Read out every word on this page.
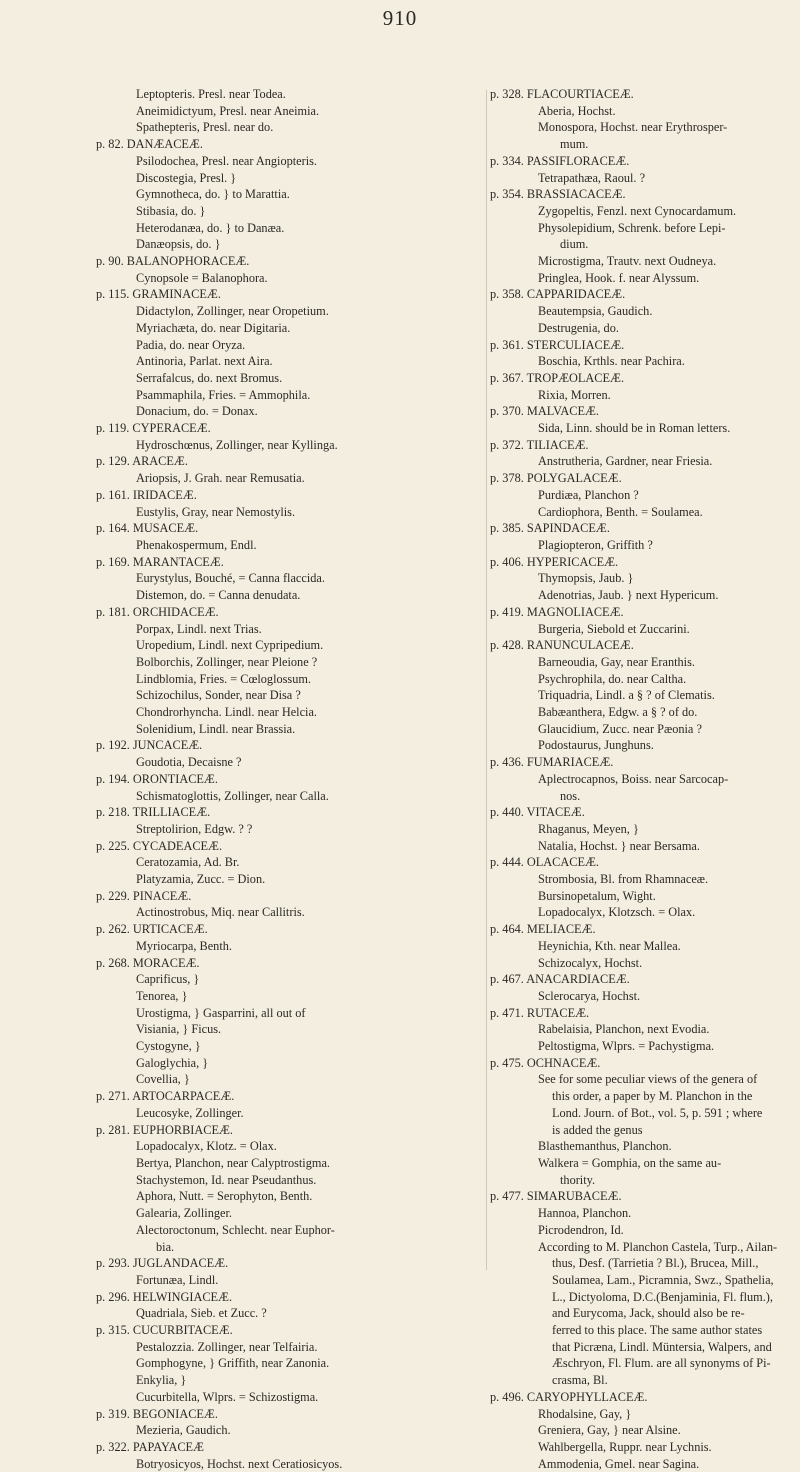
910
Leptopteris. Presl. near Todea.
Aneimidictyum, Presl. near Aneimia.
Spathepteris, Presl. near do.
p. 82. DANÆACEÆ.
Psilodochea, Presl. near Angiopteris.
Discostegia, Presl. }
Gymnotheca, do. } to Marattia.
Stibasia, do. }
Heterodanæa, do. } to Danæa.
Danæopsis, do. }
p. 90. BALANOPHORACEÆ.
Cynopsole = Balanophora.
p. 115. GRAMINACEÆ.
Didactylon, Zollinger, near Oropetium.
Myriachæta, do. near Digitaria.
Padia, do. near Oryza.
Antinoria, Parlat. next Aira.
Serrafalcus, do. next Bromus.
Psammaphila, Fries. = Ammophila.
Donacium, do. = Donax.
p. 119. CYPERACEÆ.
Hydroschœnus, Zollinger, near Kyllinga.
p. 129. ARACEÆ.
Ariopsis, J. Grah. near Remusatia.
p. 161. IRIDACEÆ.
Eustylis, Gray, near Nemostylis.
p. 164. MUSACEÆ.
Phenakospermum, Endl.
p. 169. MARANTACEÆ.
Eurystylus, Bouché, = Canna flaccida.
Distemon, do. = Canna denudata.
p. 181. ORCHIDACEÆ.
Porpax, Lindl. next Trias.
Uropedium, Lindl. next Cypripedium.
Bolborchis, Zollinger, near Pleione ?
Lindblomia, Fries. = Cœloglossum.
Schizochilus, Sonder, near Disa ?
Chondrorhyncha. Lindl. near Helcia.
Solenidium, Lindl. near Brassia.
p. 192. JUNCACEÆ.
Goudotia, Decaisne ?
p. 194. ORONTIACEÆ.
Schismatoglottis, Zollinger, near Calla.
p. 218. TRILLIACEÆ.
Streptolirion, Edgw. ? ?
p. 225. CYCADEACEÆ.
Ceratozamia, Ad. Br.
Platyzamia, Zucc. = Dion.
p. 229. PINACEÆ.
Actinostrobus, Miq. near Callitris.
p. 262. URTICACEÆ.
Myriocarpa, Benth.
p. 268. MORACEÆ.
Caprificus, }
Tenorea, }
Urostigma, } Gasparrini, all out of
Visiania, } Ficus.
Cystogyne, }
Galoglychia, }
Covellia, }
p. 271. ARTOCARPACEÆ.
Leucosyke, Zollinger.
p. 281. EUPHORBIACEÆ.
Lopadocalyx, Klotz. = Olax.
Bertya, Planchon, near Calyptrostigma.
Stachystemon, Id. near Pseudanthus.
Aphora, Nutt. = Serophyton, Benth.
Galearia, Zollinger.
Alectoroctonum, Schlecht. near Euphor-
bia.
p. 293. JUGLANDACEÆ.
Fortunæa, Lindl.
p. 296. HELWINGIACEÆ.
Quadriala, Sieb. et Zucc. ?
p. 315. CUCURBITACEÆ.
Pestalozzia. Zollinger, near Telfairia.
Gomphogyne, } Griffith, near Zanonia.
Enkylia, }
Cucurbitella, Wlprs. = Schizostigma.
p. 319. BEGONIACEÆ.
Mezieria, Gaudich.
p. 322. PAPAYACEÆ
Botryosicyos, Hochst. next Ceratiosicyos.
p. 328. FLACOURTIACEÆ.
Aberia, Hochst.
Monospora, Hochst. near Erythrosper-
mum.
p. 334. PASSIFLORACEÆ.
Tetrapathæa, Raoul. ?
p. 354. BRASSIACACEÆ.
Zygopeltis, Fenzl. next Cynocardamum.
Physolepidium, Schrenk. before Lepi-
dium.
Microstigma, Trautv. next Oudneya.
Pringlea, Hook. f. near Alyssum.
p. 358. CAPPARIDACEÆ.
Beautempsia, Gaudich.
Destrugenia, do.
p. 361. STERCULIACEÆ.
Boschia, Krthls. near Pachira.
p. 367. TROPÆOLACEÆ.
Rixia, Morren.
p. 370. MALVACEÆ.
Sida, Linn. should be in Roman letters.
p. 372. TILIACEÆ.
Anstrutheria, Gardner, near Friesia.
p. 378. POLYGALACEÆ.
Purdiæa, Planchon ?
Cardiophora, Benth. = Soulamea.
p. 385. SAPINDACEÆ.
Plagiopteron, Griffith ?
p. 406. HYPERICACEÆ.
Thymopsis, Jaub. }
Adenotrias, Jaub. } next Hypericum.
p. 419. MAGNOLIACEÆ.
Burgeria, Siebold et Zuccarini.
p. 428. RANUNCULACEÆ.
Barneoudia, Gay, near Eranthis.
Psychrophila, do. near Caltha.
Triquadria, Lindl. a § ? of Clematis.
Babæanthera, Edgw. a § ? of do.
Glaucidium, Zucc. near Pæonia ?
Podostaurus, Junghuns.
p. 436. FUMARIACEÆ.
Aplectrocapnos, Boiss. near Sarcocap-
nos.
p. 440. VITACEÆ.
Rhaganus, Meyen, }
Natalia, Hochst. } near Bersama.
p. 444. OLACACEÆ.
Strombosia, Bl. from Rhamnaceæ.
Bursinopetalum, Wight.
Lopadocalyx, Klotzsch. = Olax.
p. 464. MELIACEÆ.
Heynichia, Kth. near Mallea.
Schizocalyx, Hochst.
p. 467. ANACARDIACEÆ.
Sclerocarya, Hochst.
p. 471. RUTACEÆ.
Rabelaisia, Planchon, next Evodia.
Peltostigma, Wlprs. = Pachystigma.
p. 475. OCHNACEÆ.
See for some peculiar views of the genera of
this order, a paper by M. Planchon in the
Lond. Journ. of Bot., vol. 5, p. 591 ; where
is added the genus
Blasthemanthus, Planchon.
Walkera = Gomphia, on the same au-
thority.
p. 477. SIMARUBACEÆ.
Hannoa, Planchon.
Picrodendron, Id.
According to M. Planchon Castela, Turp., Ailan-
thus, Desf. (Tarrietia ? Bl.), Brucea, Mill.,
Soulamea, Lam., Picramnia, Swz., Spathelia,
L., Dictyoloma, D.C.(Benjaminia, Fl. flum.),
and Eurycoma, Jack, should also be re-
ferred to this place. The same author states
that Picræna, Lindl. Müntersia, Walpers, and
Æschryon, Fl. Flum. are all synonyms of Pi-
crasma, Bl.
p. 496. CARYOPHYLLACEÆ.
Rhodalsine, Gay, }
Greniera, Gay, } near Alsine.
Wahlbergella, Ruppr. near Lychnis.
Ammodenia, Gmel. near Sagina.
